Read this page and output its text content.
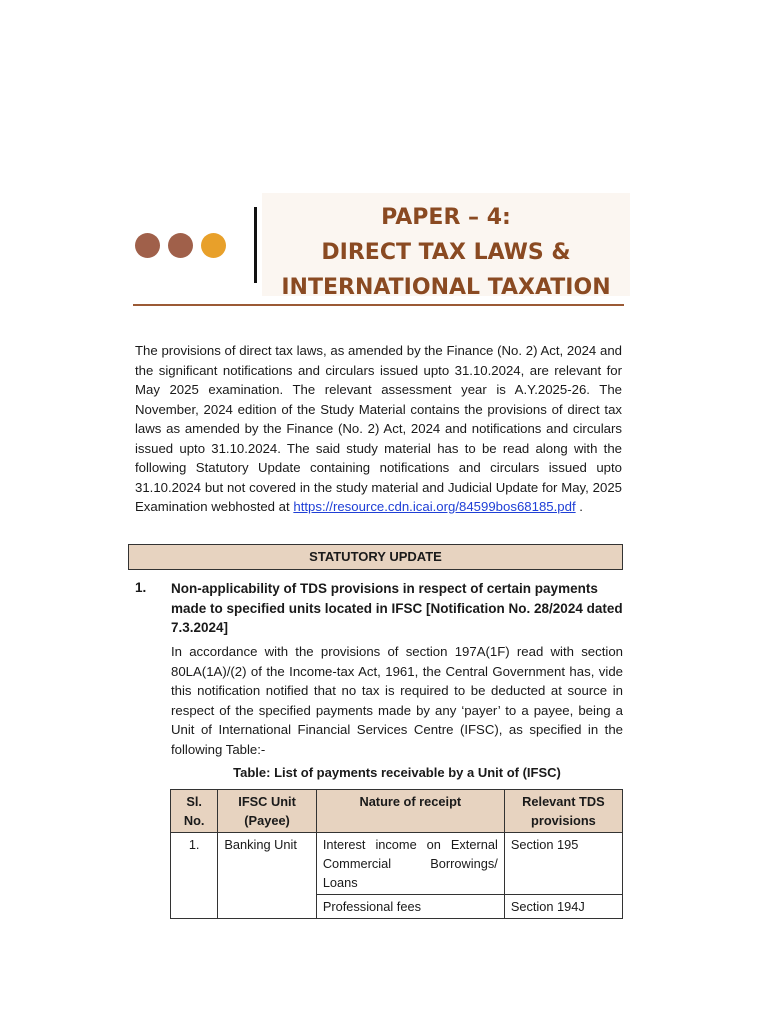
PAPER – 4:
DIRECT TAX LAWS &
INTERNATIONAL TAXATION
The provisions of direct tax laws, as amended by the Finance (No. 2) Act, 2024 and the significant notifications and circulars issued upto 31.10.2024, are relevant for May 2025 examination. The relevant assessment year is A.Y.2025-26. The November, 2024 edition of the Study Material contains the provisions of direct tax laws as amended by the Finance (No. 2) Act, 2024 and notifications and circulars issued upto 31.10.2024. The said study material has to be read along with the following Statutory Update containing notifications and circulars issued upto 31.10.2024 but not covered in the study material and Judicial Update for May, 2025 Examination webhosted at https://resource.cdn.icai.org/84599bos68185.pdf .
STATUTORY UPDATE
1. Non-applicability of TDS provisions in respect of certain payments made to specified units located in IFSC [Notification No. 28/2024 dated 7.3.2024]
In accordance with the provisions of section 197A(1F) read with section 80LA(1A)/(2) of the Income-tax Act, 1961, the Central Government has, vide this notification notified that no tax is required to be deducted at source in respect of the specified payments made by any ‘payer’ to a payee, being a Unit of International Financial Services Centre (IFSC), as specified in the following Table:-
Table: List of payments receivable by a Unit of (IFSC)
Sl. No.	IFSC Unit (Payee)	Nature of receipt	Relevant TDS provisions
1.	Banking Unit	Interest income on External Commercial Borrowings/ Loans	Section 195
		Professional fees	Section 194J
